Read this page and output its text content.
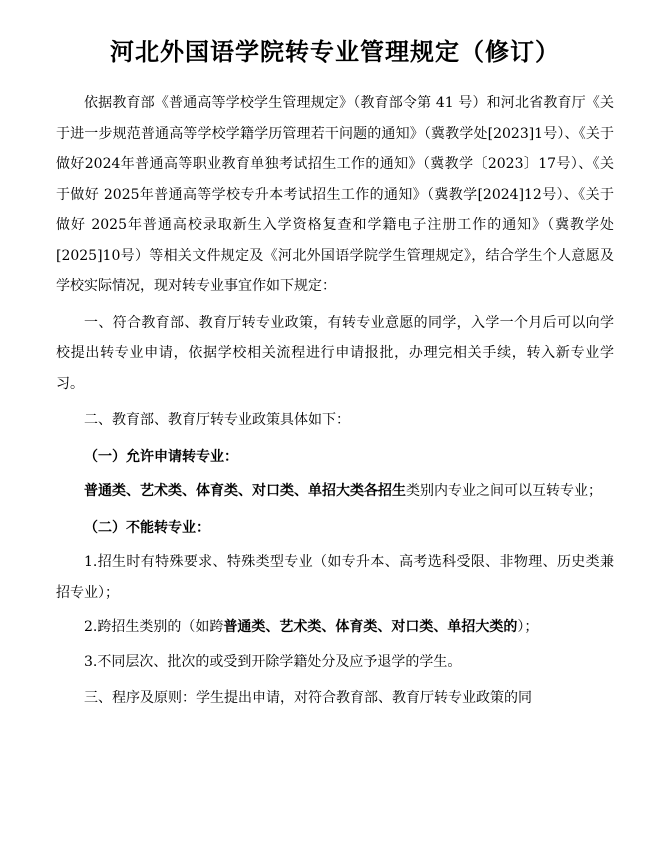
河北外国语学院转专业管理规定（修订）

依据教育部《普通高等学校学生管理规定》（教育部令第 41 号）和河北省教育厅《关于进一步规范普通高等学校学籍学历管理若干问题的通知》（冀教学处[2023]1号）、《关于做好2024年普通高等职业教育单独考试招生工作的通知》（冀教学〔2023〕17号）、《关于做好 2025年普通高等学校专升本考试招生工作的通知》（冀教学[2024]12号）、《关于做好 2025年普通高校录取新生入学资格复查和学籍电子注册工作的通知》（冀教学处[2025]10号）等相关文件规定及《河北外国语学院学生管理规定》，结合学生个人意愿及学校实际情况，现对转专业事宜作如下规定：

一、符合教育部、教育厅转专业政策，有转专业意愿的同学，入学一个月后可以向学校提出转专业申请，依据学校相关流程进行申请报批，办理完相关手续，转入新专业学习。

二、教育部、教育厅转专业政策具体如下：

（一）允许申请转专业：

普通类、艺术类、体育类、对口类、单招大类各招生类别内专业之间可以互转专业；

（二）不能转专业：

1.招生时有特殊要求、特殊类型专业（如专升本、高考选科受限、非物理、历史类兼招专业）；

2.跨招生类别的（如跨普通类、艺术类、体育类、对口类、单招大类的）；

3.不同层次、批次的或受到开除学籍处分及应予退学的学生。

三、程序及原则：学生提出申请，对符合教育部、教育厅转专业政策的同
